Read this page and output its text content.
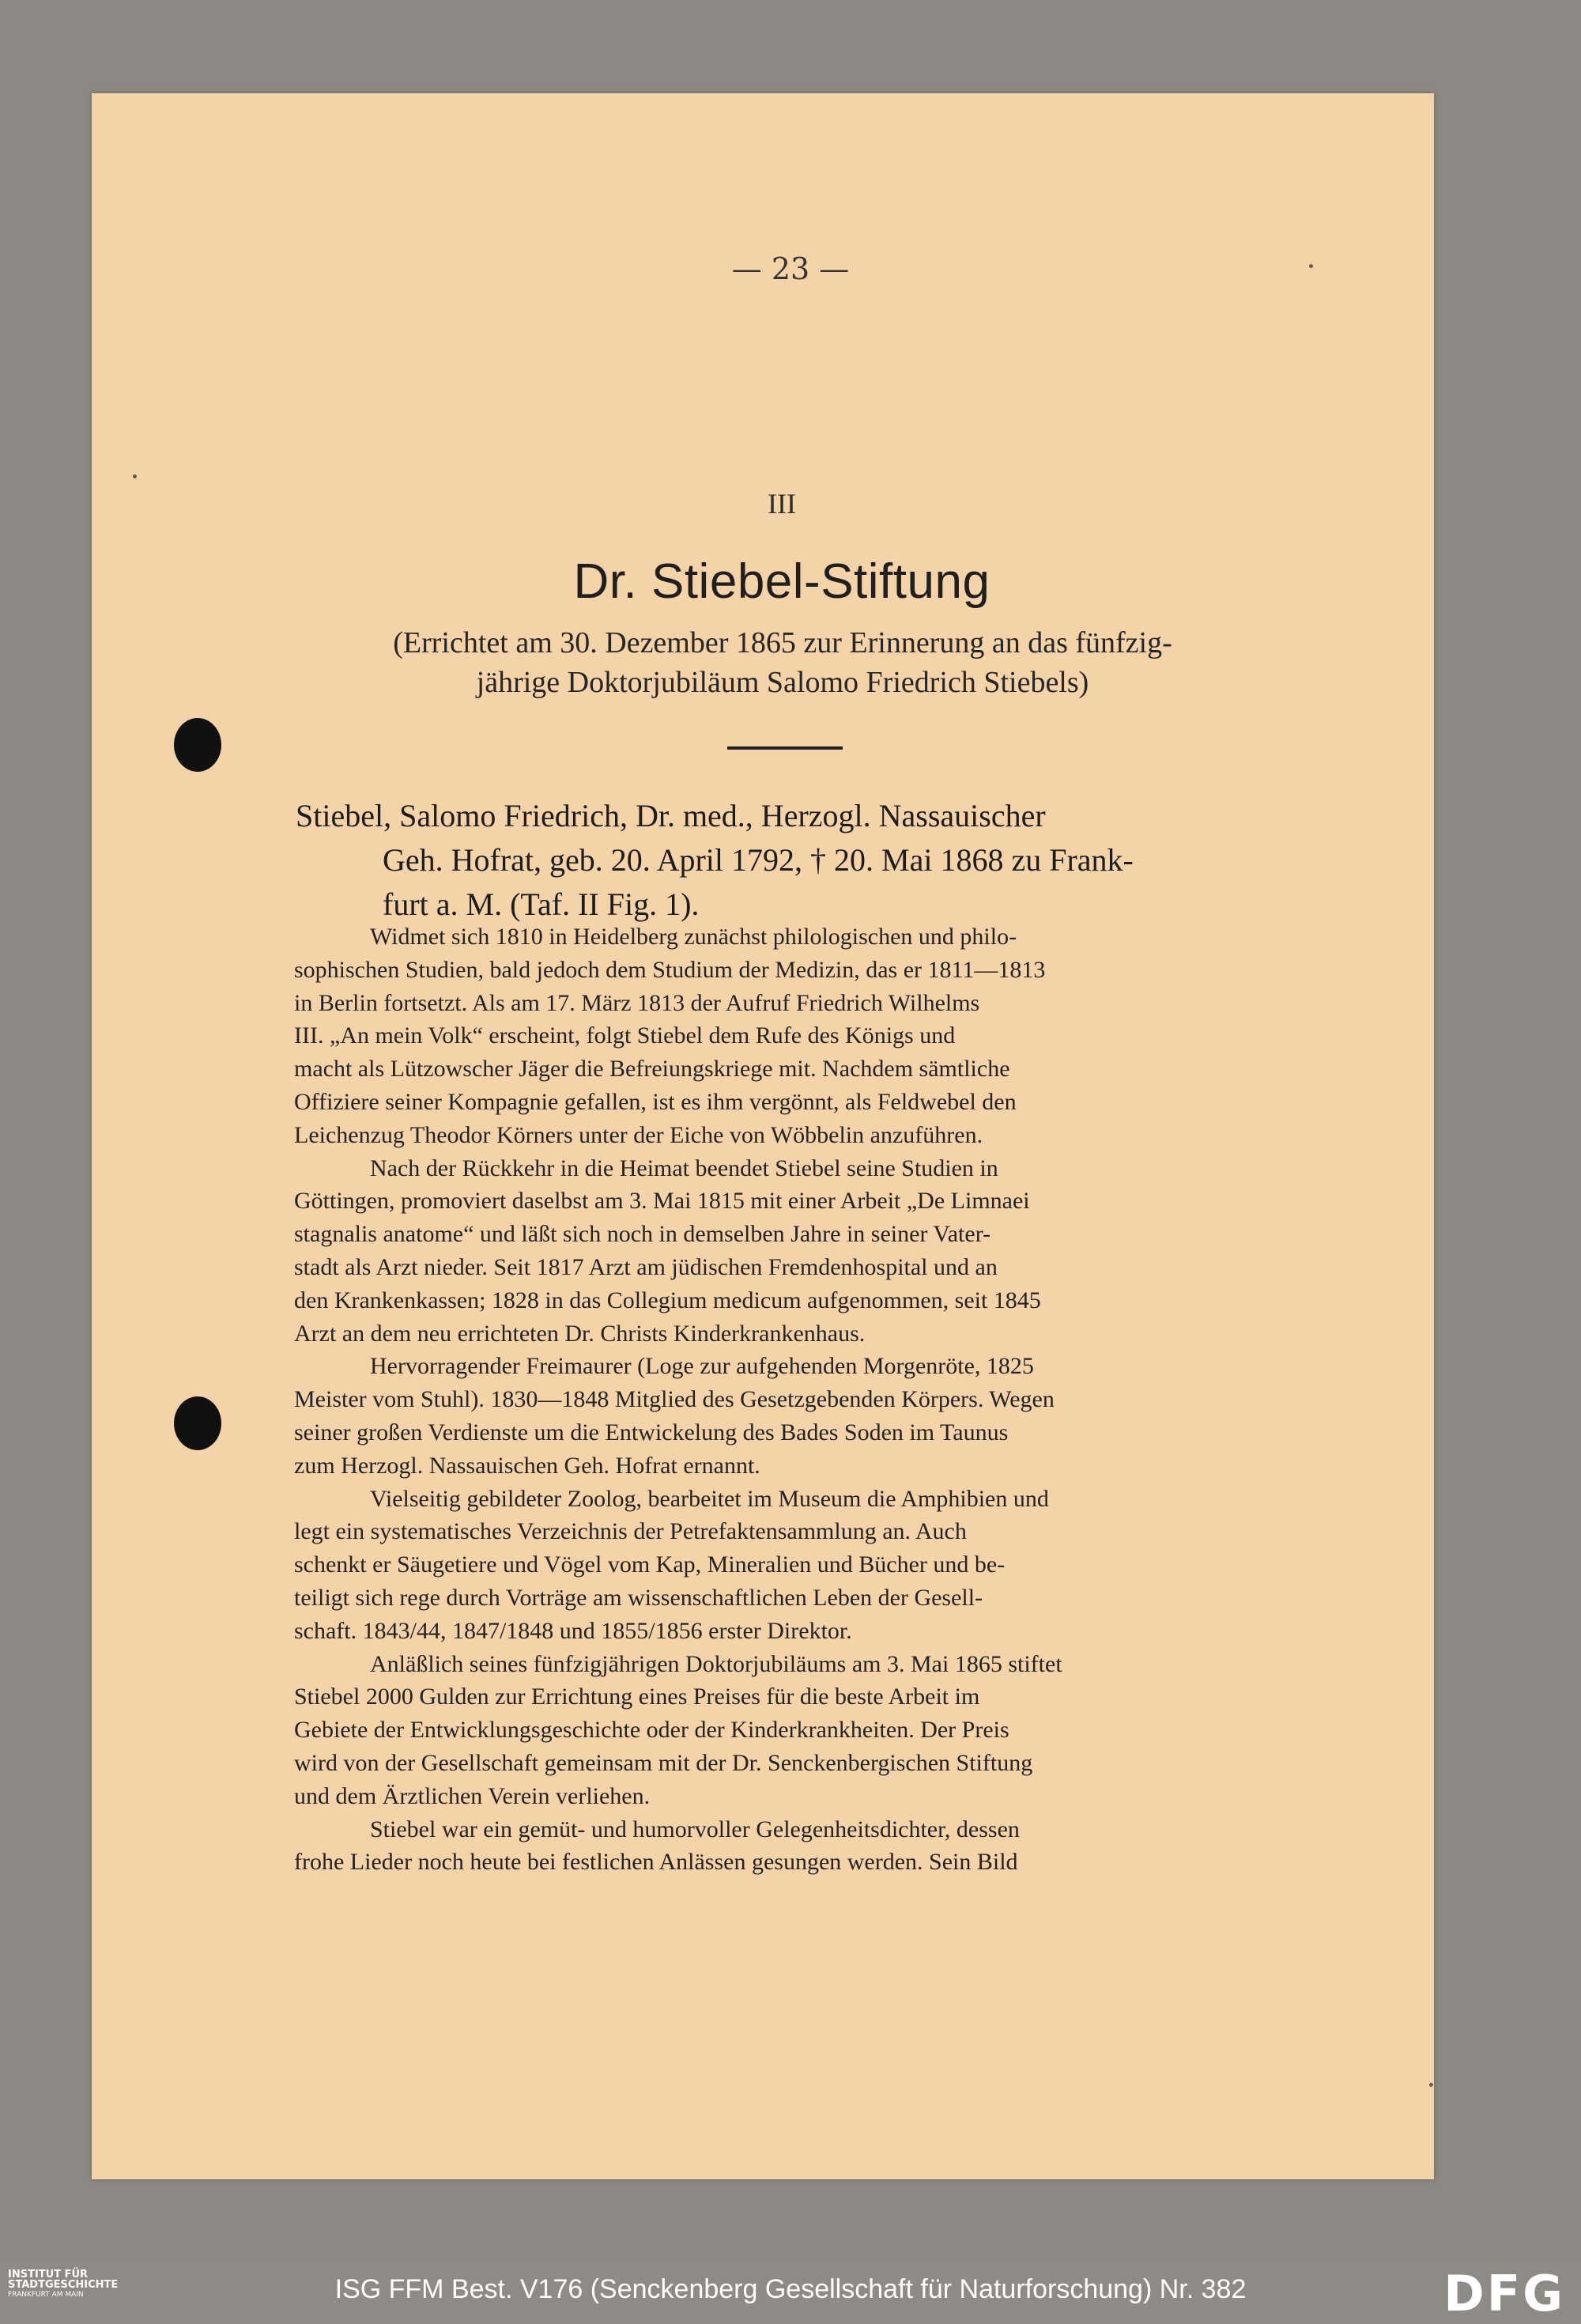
— 23 —
III
Dr. Stiebel-Stiftung
(Errichtet am 30. Dezember 1865 zur Erinnerung an das fünfzig-
jährige Doktorjubiläum Salomo Friedrich Stiebels)
Stiebel, Salomo Friedrich, Dr. med., Herzogl. Nassauischer
Geh. Hofrat, geb. 20. April 1792, † 20. Mai 1868 zu Frank-
furt a. M. (Taf. II Fig. 1).
Widmet sich 1810 in Heidelberg zunächst philologischen und philo-
sophischen Studien, bald jedoch dem Studium der Medizin, das er 1811—1813
in Berlin fortsetzt. Als am 17. März 1813 der Aufruf Friedrich Wilhelms
III. „An mein Volk“ erscheint, folgt Stiebel dem Rufe des Königs und
macht als Lützowscher Jäger die Befreiungskriege mit. Nachdem sämtliche
Offiziere seiner Kompagnie gefallen, ist es ihm vergönnt, als Feldwebel den
Leichenzug Theodor Körners unter der Eiche von Wöbbelin anzuführen.
Nach der Rückkehr in die Heimat beendet Stiebel seine Studien in
Göttingen, promoviert daselbst am 3. Mai 1815 mit einer Arbeit „De Limnaei
stagnalis anatome“ und läßt sich noch in demselben Jahre in seiner Vater-
stadt als Arzt nieder. Seit 1817 Arzt am jüdischen Fremdenhospital und an
den Krankenkassen; 1828 in das Collegium medicum aufgenommen, seit 1845
Arzt an dem neu errichteten Dr. Christs Kinderkrankenhaus.
Hervorragender Freimaurer (Loge zur aufgehenden Morgenröte, 1825
Meister vom Stuhl). 1830—1848 Mitglied des Gesetzgebenden Körpers. Wegen
seiner großen Verdienste um die Entwickelung des Bades Soden im Taunus
zum Herzogl. Nassauischen Geh. Hofrat ernannt.
Vielseitig gebildeter Zoolog, bearbeitet im Museum die Amphibien und
legt ein systematisches Verzeichnis der Petrefaktensammlung an. Auch
schenkt er Säugetiere und Vögel vom Kap, Mineralien und Bücher und be-
teiligt sich rege durch Vorträge am wissenschaftlichen Leben der Gesell-
schaft. 1843/44, 1847/1848 und 1855/1856 erster Direktor.
Anläßlich seines fünfzigjährigen Doktorjubiläums am 3. Mai 1865 stiftet
Stiebel 2000 Gulden zur Errichtung eines Preises für die beste Arbeit im
Gebiete der Entwicklungsgeschichte oder der Kinderkrankheiten. Der Preis
wird von der Gesellschaft gemeinsam mit der Dr. Senckenbergischen Stiftung
und dem Ärztlichen Verein verliehen.
Stiebel war ein gemüt- und humorvoller Gelegenheitsdichter, dessen
frohe Lieder noch heute bei festlichen Anlässen gesungen werden. Sein Bild
INSTITUT FÜR
STADTGESCHICHTE
FRANKFURT AM MAIN	ISG FFM Best. V176 (Senckenberg Gesellschaft für Naturforschung) Nr. 382	DFG
